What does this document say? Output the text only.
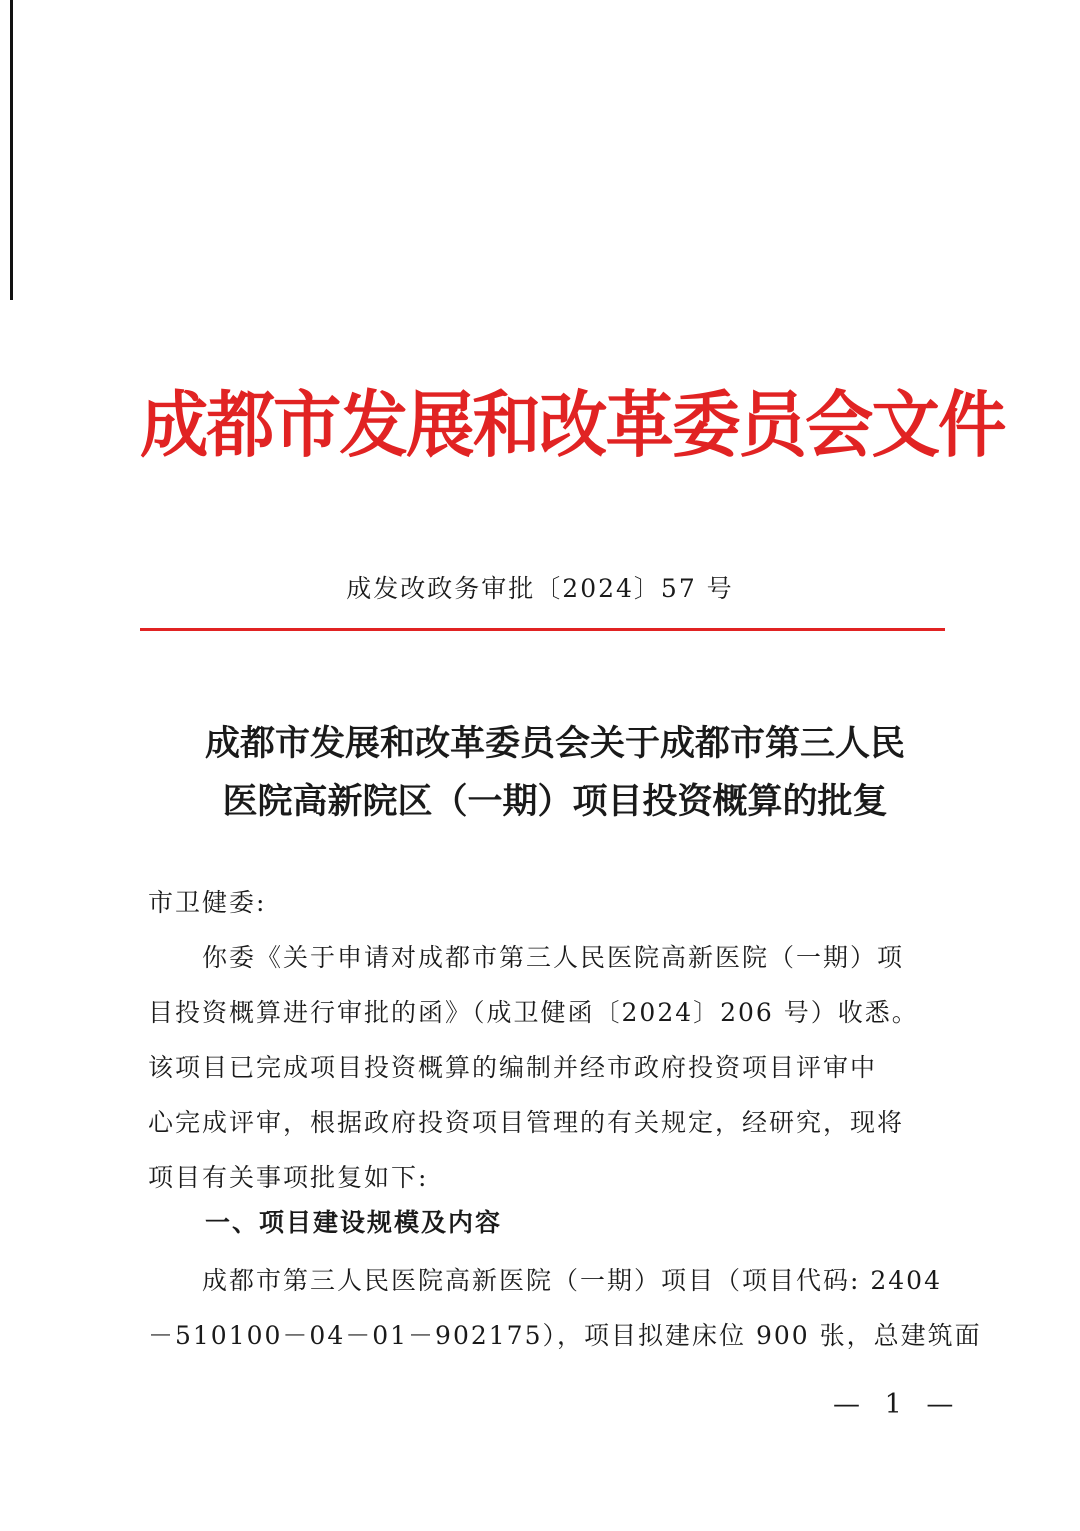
成都市发展和改革委员会文件
成发改政务审批〔2024〕57 号
成都市发展和改革委员会关于成都市第三人民
医院高新院区（一期）项目投资概算的批复
市卫健委:
　　你委《关于申请对成都市第三人民医院高新医院（一期）项
目投资概算进行审批的函》（成卫健函〔2024〕206 号）收悉。
该项目已完成项目投资概算的编制并经市政府投资项目评审中
心完成评审，根据政府投资项目管理的有关规定，经研究，现将
项目有关事项批复如下:
一、项目建设规模及内容
　　成都市第三人民医院高新医院（一期）项目（项目代码: 2404
－510100－04－01－902175），项目拟建床位 900 张，总建筑面
— 1 —
